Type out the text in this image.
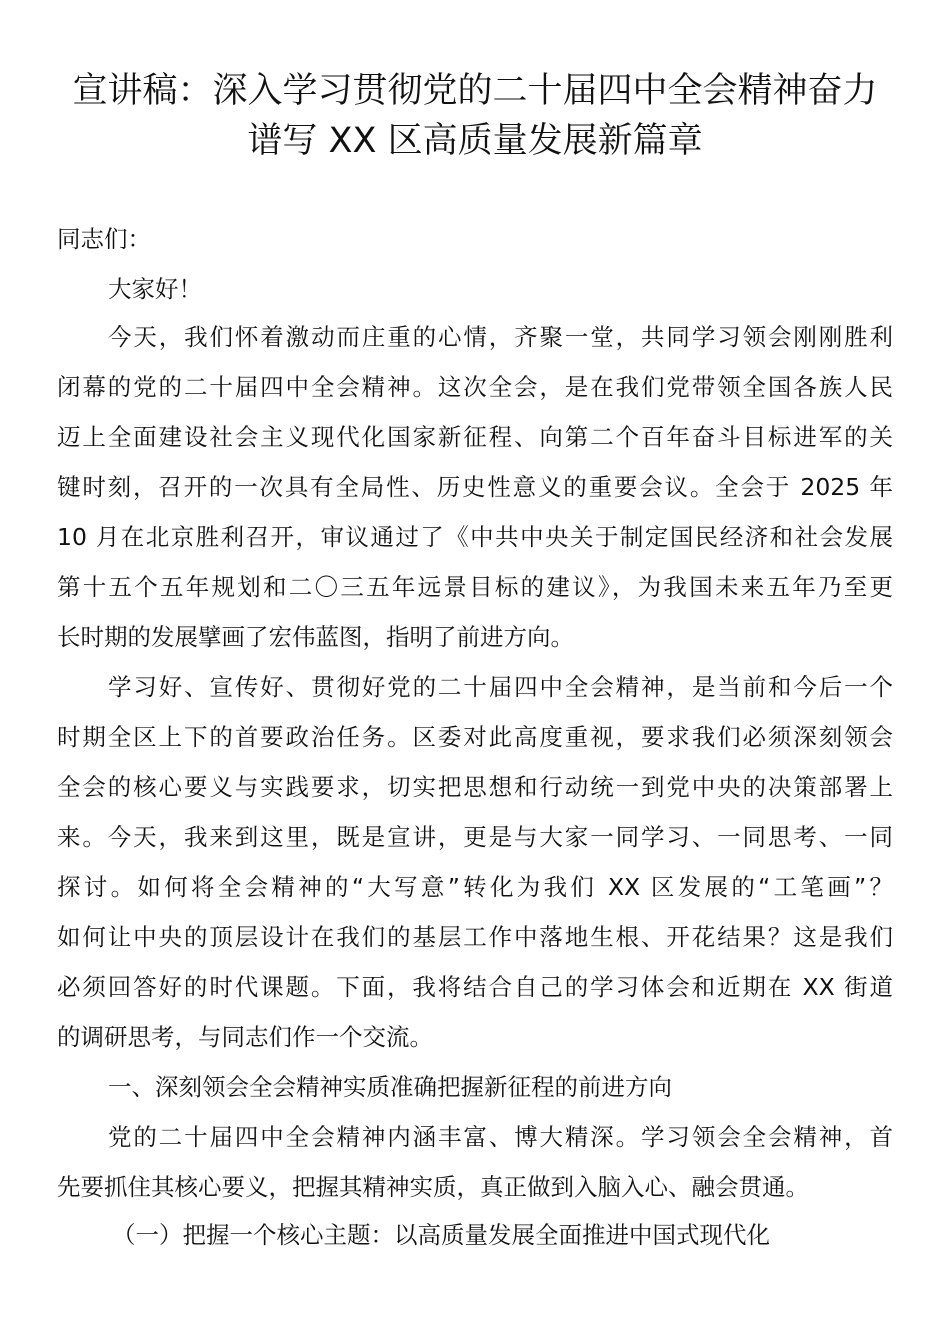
宣讲稿：深入学习贯彻党的二十届四中全会精神奋力
谱写 XX 区高质量发展新篇章
同志们：
大家好！
今天，我们怀着激动而庄重的心情，齐聚一堂，共同学习领会刚刚胜利
闭幕的党的二十届四中全会精神。这次全会，是在我们党带领全国各族人民
迈上全面建设社会主义现代化国家新征程、向第二个百年奋斗目标进军的关
键时刻，召开的一次具有全局性、历史性意义的重要会议。全会于 2025 年
10 月在北京胜利召开，审议通过了《中共中央关于制定国民经济和社会发展
第十五个五年规划和二〇三五年远景目标的建议》，为我国未来五年乃至更
长时期的发展擘画了宏伟蓝图，指明了前进方向。
学习好、宣传好、贯彻好党的二十届四中全会精神，是当前和今后一个
时期全区上下的首要政治任务。区委对此高度重视，要求我们必须深刻领会
全会的核心要义与实践要求，切实把思想和行动统一到党中央的决策部署上
来。今天，我来到这里，既是宣讲，更是与大家一同学习、一同思考、一同
探讨。如何将全会精神的“大写意”转化为我们 XX 区发展的“工笔画”？
如何让中央的顶层设计在我们的基层工作中落地生根、开花结果？这是我们
必须回答好的时代课题。下面，我将结合自己的学习体会和近期在 XX 街道
的调研思考，与同志们作一个交流。
一、深刻领会全会精神实质准确把握新征程的前进方向
党的二十届四中全会精神内涵丰富、博大精深。学习领会全会精神，首
先要抓住其核心要义，把握其精神实质，真正做到入脑入心、融会贯通。
（一）把握一个核心主题：以高质量发展全面推进中国式现代化
